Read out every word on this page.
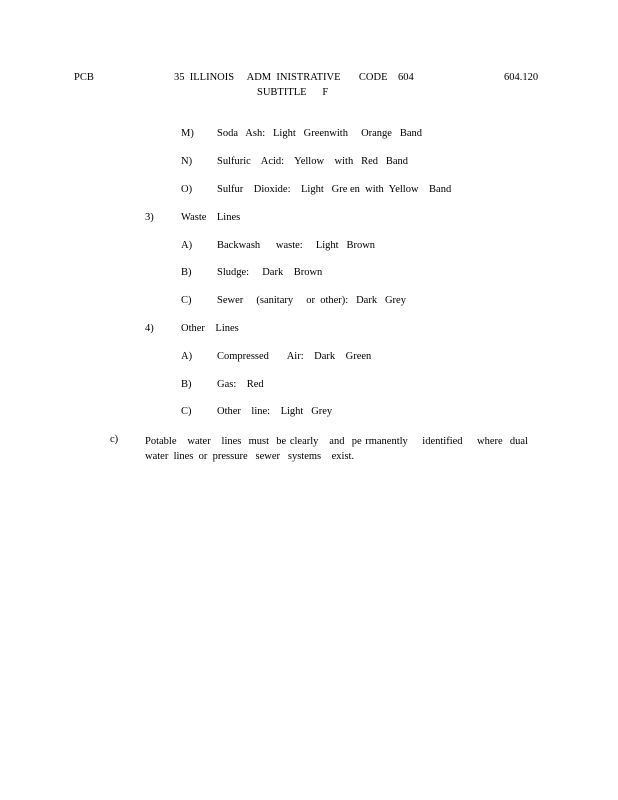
PCB	35  ILLINOIS     ADM  INISTRATIVE       CODE    604
SUBTITLE      F
604.120
M) Soda   Ash:   Light   Greenwith     Orange   Band
N) Sulfuric    Acid:    Yellow    with   Red   Band
O) Sulfur    Dioxide:    Light   Gre en  with  Yellow    Band
3)	Waste    Lines
A) Backwash      waste:     Light   Brown
B) Sludge:     Dark    Brown
C) Sewer     (sanitary     or  other):   Dark   Grey
4)	Other    Lines
A) Compressed       Air:    Dark    Green
B) Gas:    Red
C) Other    line:    Light   Grey
c)	Potable   water   lines  must  be clearly   and  pe rmanently    identified    where  dual  water  lines  or  pressure   sewer   systems    exist.
